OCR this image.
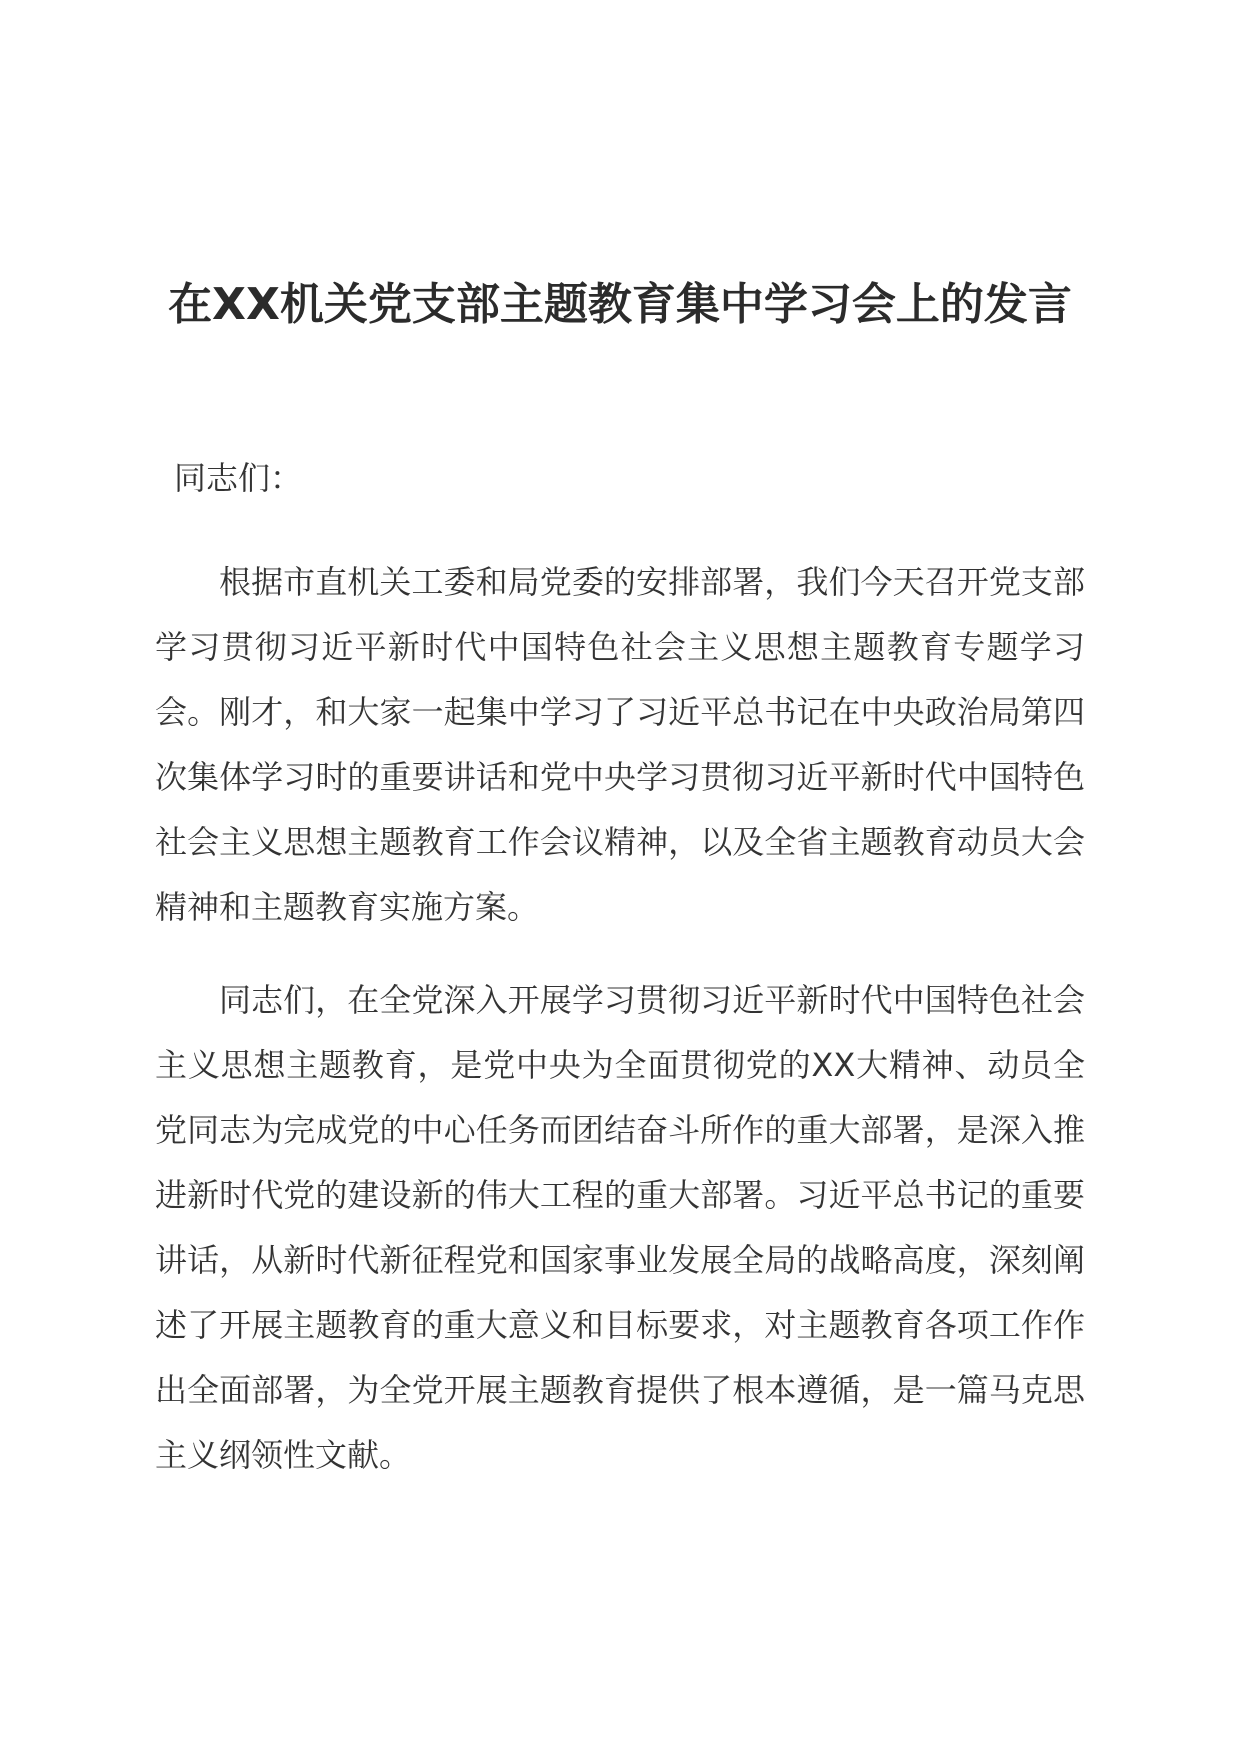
在XX机关党支部主题教育集中学习会上的发言

同志们：

根据市直机关工委和局党委的安排部署，我们今天召开党支部学习贯彻习近平新时代中国特色社会主义思想主题教育专题学习会。刚才，和大家一起集中学习了习近平总书记在中央政治局第四次集体学习时的重要讲话和党中央学习贯彻习近平新时代中国特色社会主义思想主题教育工作会议精神，以及全省主题教育动员大会精神和主题教育实施方案。

同志们，在全党深入开展学习贯彻习近平新时代中国特色社会主义思想主题教育，是党中央为全面贯彻党的XX大精神、动员全党同志为完成党的中心任务而团结奋斗所作的重大部署，是深入推进新时代党的建设新的伟大工程的重大部署。习近平总书记的重要讲话，从新时代新征程党和国家事业发展全局的战略高度，深刻阐述了开展主题教育的重大意义和目标要求，对主题教育各项工作作出全面部署，为全党开展主题教育提供了根本遵循，是一篇马克思主义纲领性文献。
